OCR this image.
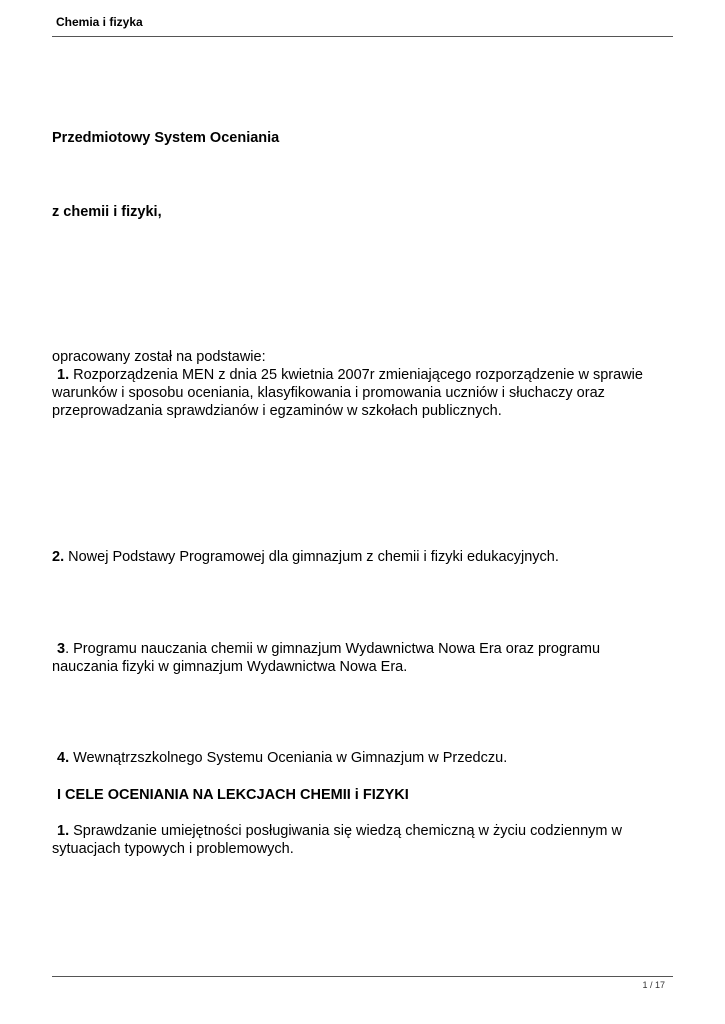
Chemia i fizyka
Przedmiotowy System Oceniania
z chemii i fizyki,
opracowany został na podstawie:
1. Rozporządzenia MEN z dnia 25 kwietnia 2007r zmieniającego rozporządzenie w sprawie
warunków i sposobu oceniania, klasyfikowania i promowania uczniów i słuchaczy oraz
przeprowadzania sprawdzianów i egzaminów w szkołach publicznych.
2. Nowej Podstawy Programowej dla gimnazjum z chemii i fizyki edukacyjnych.
3. Programu nauczania chemii w gimnazjum Wydawnictwa Nowa Era oraz programu
nauczania fizyki w gimnazjum Wydawnictwa Nowa Era.
4. Wewnątrzszkolnego Systemu Oceniania w Gimnazjum w Przedczu.
I CELE OCENIANIA NA LEKCJACH CHEMII i FIZYKI
1. Sprawdzanie umiejętności posługiwania się wiedzą chemiczną w życiu codziennym w
sytuacjach typowych i problemowych.
1 / 17
